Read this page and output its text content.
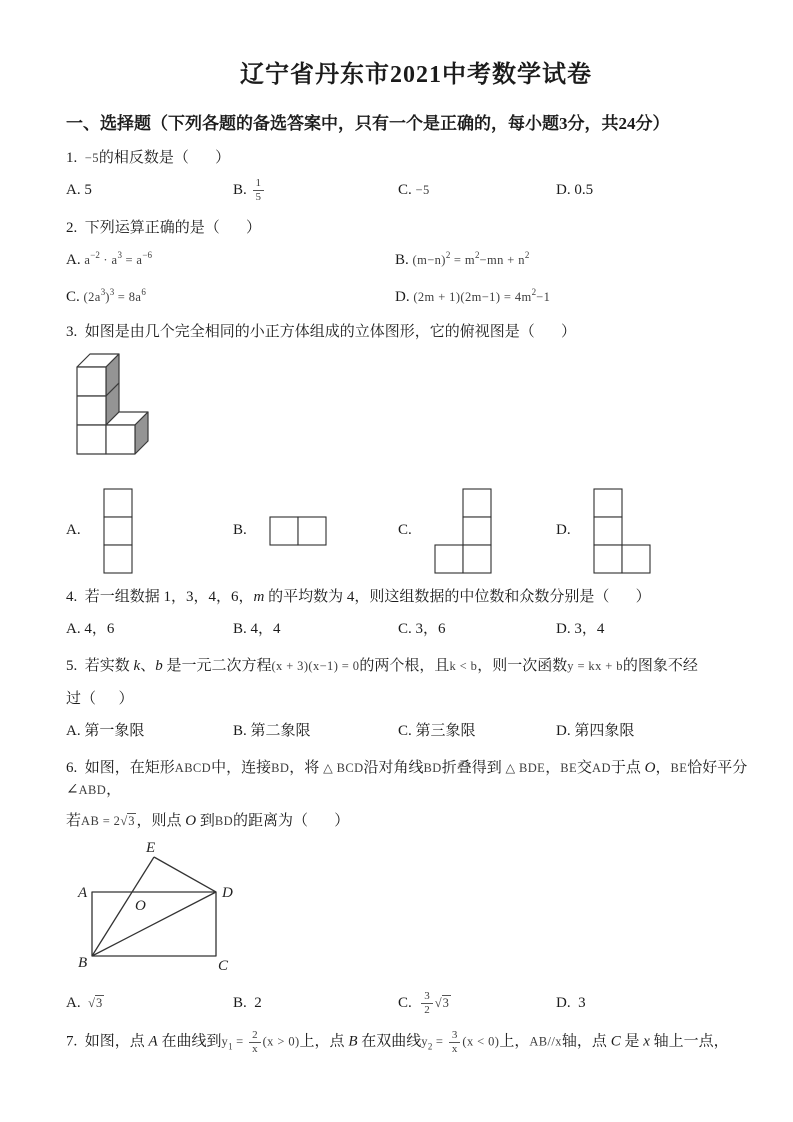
辽宁省丹东市2021中考数学试卷
一、选择题（下列各题的备选答案中，只有一个是正确的，每小题3分，共24分）
1.  −5的相反数是（       ）
A. 5	B. $\frac{1}{5}$	C. −5	D. 0.5
2.  下列运算正确的是（       ）
A. $a^{-2} \cdot a^3 = a^{-6}$	B. $(m-n)^2 = m^2-mn + n^2$
C. $(2a^3)^3 = 8a^6$	D. $(2m + 1)(2m-1) = 4m^2-1$
3.  如图是由几个完全相同的小正方体组成的立体图形，它的俯视图是（       ）
A.	B.	C.	D.
4.  若一组数据 1，3，4，6，m 的平均数为 4，则这组数据的中位数和众数分别是（       ）
A. 4，6	B. 4，4	C. 3，6	D. 3，4
5.  若实数 k、b 是一元二次方程(x + 3)(x−1) = 0的两个根，且k < b，则一次函数y = kx + b的图象不经
过（      ）
A. 第一象限	B. 第二象限	C. 第三象限	D. 第四象限
6.  如图，在矩形ABCD中，连接BD，将 △ BCD沿对角线BD折叠得到 △ BDE，BE交AD于点 O，BE恰好平分∠ABD，
若AB = 2√3 ，则点 O 到BD的距离为（       ）
E
A
O
D
B	C
A.  √3	B.  2	C. $\frac{3}{2} √3$	D.  3
7.  如图，点 A 在曲线到$y_1 = \frac{2}{x} (x > 0)$上，点 B 在双曲线$y_2 = \frac{3}{x} (x < 0)$上，AB//x轴，点 C 是 x 轴上一点，
